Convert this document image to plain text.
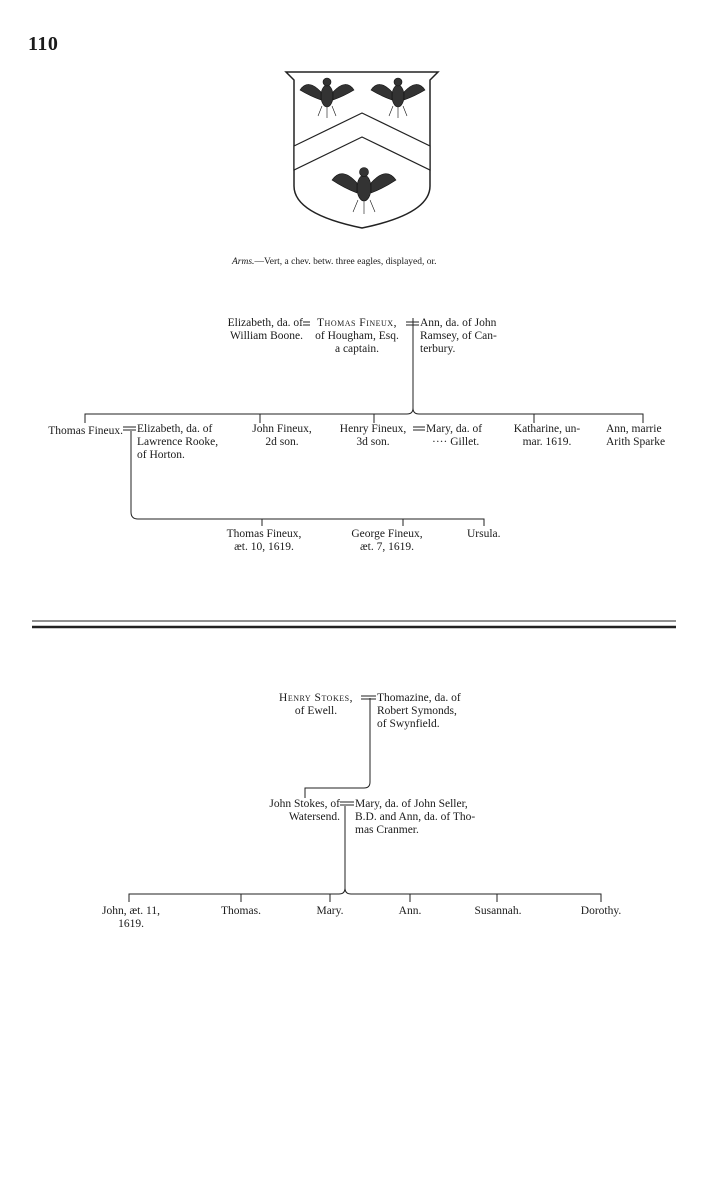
110
Arms.—Vert, a chev. betw. three eagles, displayed, or.
Elizabeth, da. of
William Boone.
Thomas Fineux,
of Hougham, Esq.
a captain.
Ann, da. of John
Ramsey, of Can-
terbury.
Thomas Fineux. Elizabeth, da. of
Lawrence Rooke,
of Horton.
John Fineux,
2d son.
Henry Fineux,
3d son.
Mary, da. of
···· Gillet.
Katharine, un-
mar. 1619.
Ann, marrie
Arith Sparke
Thomas Fineux,
æt. 10, 1619.
George Fineux,
æt. 7, 1619.
Ursula.
Henry Stokes,
of Ewell.
Thomazine, da. of
Robert Symonds,
of Swynfield.
John Stokes, of
Watersend.
Mary, da. of John Seller,
B.D. and Ann, da. of Tho-
mas Cranmer.
John, æt. 11,
1619.
Thomas.	Mary.	Ann.	Susannah.	Dorothy.
